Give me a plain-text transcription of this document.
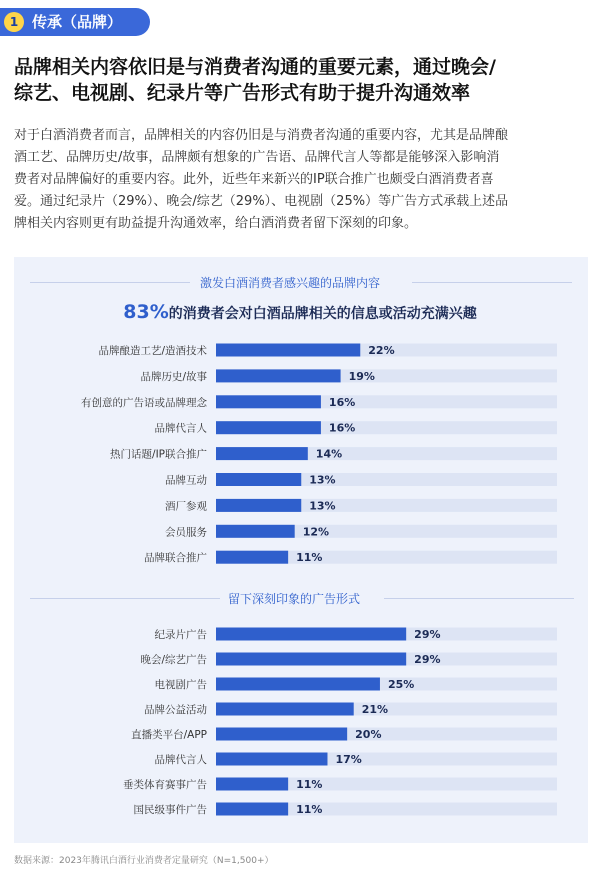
1 传承（品牌）
品牌相关内容依旧是与消费者沟通的重要元素，通过晚会/
综艺、电视剧、纪录片等广告形式有助于提升沟通效率
对于白酒消费者而言，品牌相关的内容仍旧是与消费者沟通的重要内容，尤其是品牌酿
酒工艺、品牌历史/故事，品牌颇有想象的广告语、品牌代言人等都是能够深入影响消
费者对品牌偏好的重要内容。此外，近些年来新兴的IP联合推广也颇受白酒消费者喜
爱。通过纪录片（29%）、晚会/综艺（29%）、电视剧（25%）等广告方式承载上述品
牌相关内容则更有助益提升沟通效率，给白酒消费者留下深刻的印象。
激发白酒消费者感兴趣的品牌内容
83%的消费者会对白酒品牌相关的信息或活动充满兴趣
留下深刻印象的广告形式
品牌酿造工艺/造酒技术	22%
品牌历史/故事	19%
有创意的广告语或品牌理念	16%
品牌代言人	16%
热门话题/IP联合推广	14%
品牌互动	13%
酒厂参观	13%
会员服务	12%
品牌联合推广	11%
纪录片广告	29%
晚会/综艺广告	29%
电视剧广告	25%
品牌公益活动	21%
直播类平台/APP	20%
品牌代言人	17%
垂类体育赛事广告	11%
国民级事件广告	11%
数据来源：2023年腾讯白酒行业消费者定量研究（N=1,500+）
